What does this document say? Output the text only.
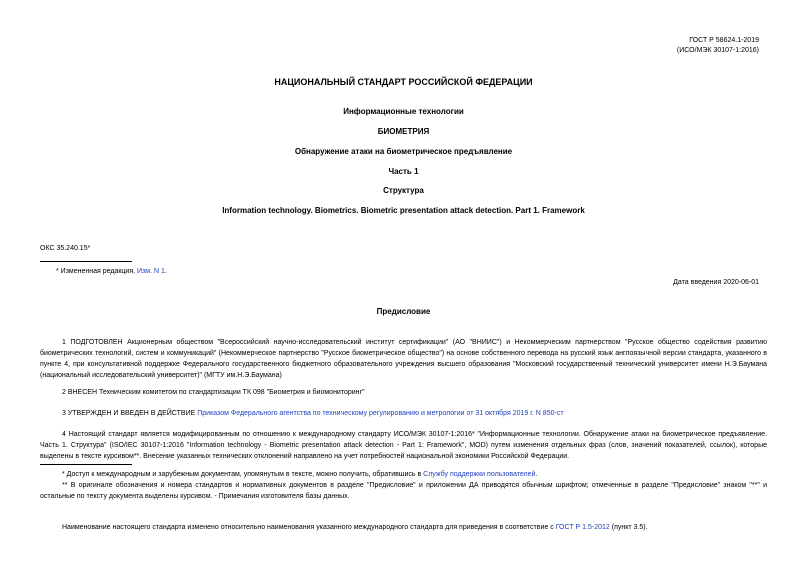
ГОСТ Р 58624.1-2019
(ИСО/МЭК 30107-1:2016)
НАЦИОНАЛЬНЫЙ СТАНДАРТ РОССИЙСКОЙ ФЕДЕРАЦИИ
Информационные технологии
БИОМЕТРИЯ
Обнаружение атаки на биометрическое предъявление
Часть 1
Структура
Information technology. Biometrics. Biometric presentation attack detection. Part 1. Framework
ОКС 35.240.15*
* Измененная редакция, Изм. N 1.
Дата введения 2020-06-01
Предисловие
1 ПОДГОТОВЛЕН Акционерным обществом "Всероссийский научно-исследовательский институт сертификации" (АО "ВНИИС") и Некоммерческим партнерством "Русское общество содействия развитию биометрических технологий, систем и коммуникаций" (Некоммерческое партнерство "Русское биометрическое общество") на основе собственного перевода на русский язык англоязычной версии стандарта, указанного в пункте 4, при консультативной поддержке Федерального государственного бюджетного образовательного учреждения высшего образования "Московский государственный технический университет имени Н.Э.Баумана (национальный исследовательский университет)" (МГТУ им.Н.Э.Баумана)
2 ВНЕСЕН Техническим комитетом по стандартизации ТК 098 "Биометрия и биомониторинг"
3 УТВЕРЖДЕН И ВВЕДЕН В ДЕЙСТВИЕ Приказом Федерального агентства по техническому регулированию и метрологии от 31 октября 2019 г. N 850-ст
4 Настоящий стандарт является модифицированным по отношению к международному стандарту ИСО/МЭК 30107-1:2016* "Информационные технологии. Обнаружение атаки на биометрическое предъявление. Часть 1. Структура" (ISO/IEC 30107-1:2016 "Information technology - Biometric presentation attack detection - Part 1: Framework", MOD) путем изменения отдельных фраз (слов, значений показателей, ссылок), которые выделены в тексте курсивом**. Внесение указанных технических отклонений направлено на учет потребностей национальной экономики Российской Федерации.
* Доступ к международным и зарубежным документам, упомянутым в тексте, можно получить, обратившись в Службу поддержки пользователей.
** В оригинале обозначения и номера стандартов и нормативных документов в разделе "Предисловие" и приложении ДА приводятся обычным шрифтом; отмеченные в разделе "Предисловие" знаком "**" и остальные по тексту документа выделены курсивом. - Примечания изготовителя базы данных.
Наименование настоящего стандарта изменено относительно наименования указанного международного стандарта для приведения в соответствие с ГОСТ Р 1.5-2012 (пункт 3.5).
